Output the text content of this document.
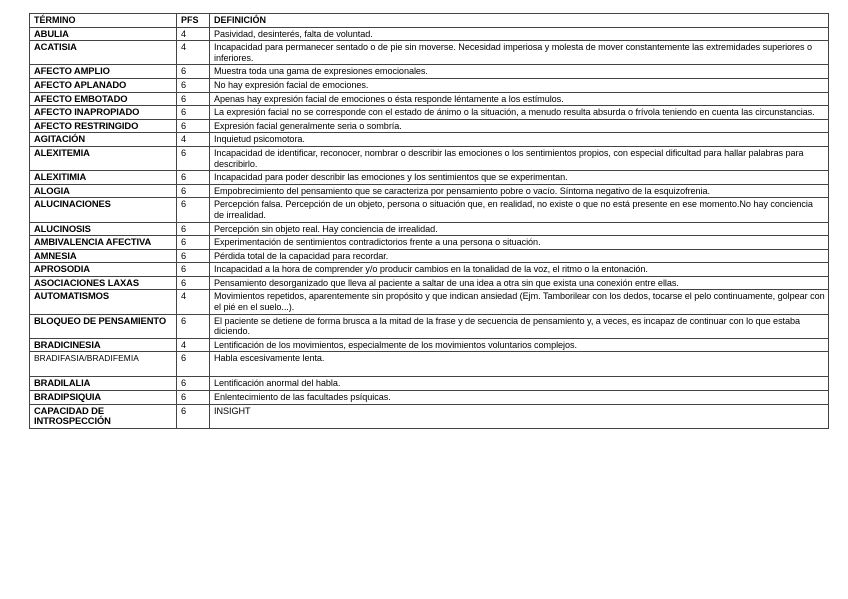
TÉRMINO	PFS	DEFINICIÓN
ABULIA	4	Pasividad, desinterés, falta de voluntad.
ACATISIA	4	Incapacidad para permanecer sentado o de pie sin moverse. Necesidad imperiosa y molesta de mover constantemente las extremidades superiores o inferiores.
AFECTO AMPLIO	6	Muestra toda una gama de expresiones emocionales.
AFECTO APLANADO	6	No hay expresión facial de emociones.
AFECTO EMBOTADO	6	Apenas hay expresión facial de emociones o ésta responde léntamente a los estímulos.
AFECTO INAPROPIADO	6	La expresión facial no se corresponde con el estado de ánimo o la situación, a menudo resulta absurda o frívola teniendo en cuenta las circunstancias.
AFECTO RESTRINGIDO	6	Expresión facial generalmente seria o sombría.
AGITACIÓN	4	Inquietud psicomotora.
ALEXITEMIA	6	Incapacidad de identificar, reconocer, nombrar o describir las emociones o los sentimientos propios, con especial dificultad para hallar palabras para describirlo.
ALEXITIMIA	6	Incapacidad para poder describir las emociones y los sentimientos que se experimentan.
ALOGIA	6	Empobrecimiento del pensamiento que se caracteriza por pensamiento pobre o vacío. Síntoma negativo de la esquizofrenia.
ALUCINACIONES	6	Percepción falsa. Percepción de un objeto, persona o situación que, en realidad, no existe o que no está presente en ese momento.No hay conciencia de irrealidad.
ALUCINOSIS	6	Percepción sin objeto real. Hay conciencia de irrealidad.
AMBIVALENCIA AFECTIVA	6	Experimentación de sentimientos contradictorios frente a una persona o situación.
AMNESIA	6	Pérdida total de la capacidad para recordar.
APROSODIA	6	Incapacidad a la hora de comprender y/o producir cambios en la tonalidad de la voz, el ritmo o la entonación.
ASOCIACIONES LAXAS	6	Pensamiento desorganizado que lleva al paciente a saltar de una idea a otra sin que exista una conexión entre ellas.
AUTOMATISMOS	4	Movimientos repetidos, aparentemente sin propósito y que indican ansiedad (Ejm. Tamborilear con los dedos, tocarse el pelo continuamente, golpear con el pié en el suelo...).
BLOQUEO DE PENSAMIENTO	6	El paciente se detiene de forma brusca a la mitad de la frase y de secuencia de pensamiento y, a veces, es incapaz de continuar con lo que estaba diciendo.
BRADICINESIA	4	Lentificación de los movimientos, especialmente de los movimientos voluntarios complejos.
BRADIFASIA/BRADIFEMIA	6	Habla escesivamente lenta.
BRADILALIA	6	Lentificación anormal del habla.
BRADIPSIQUIA	6	Enlentecimiento de las facultades psíquicas.
CAPACIDAD DE INTROSPECCIÓN	6	INSIGHT
